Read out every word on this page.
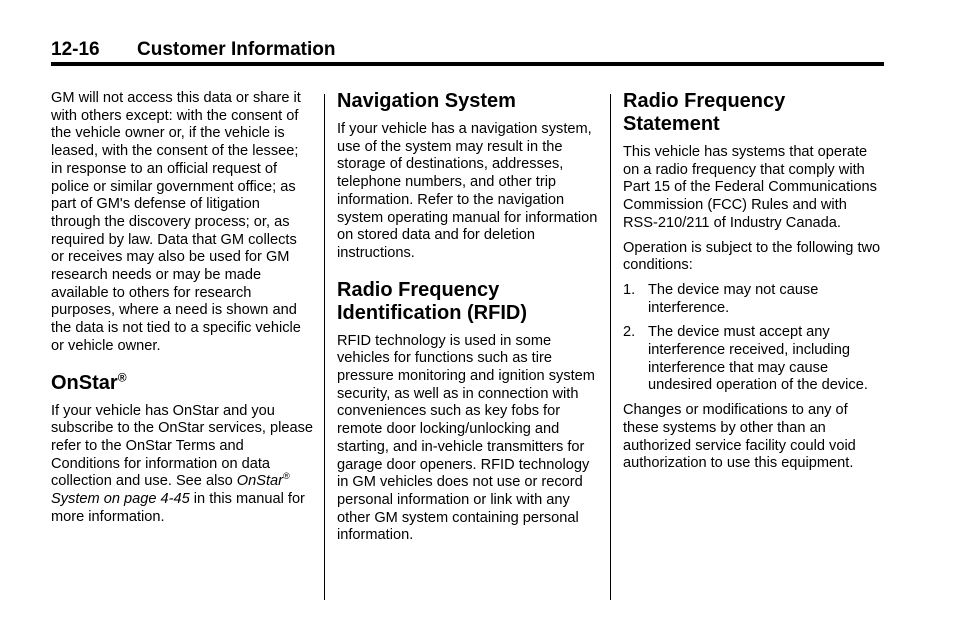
12-16 Customer Information

GM will not access this data or share it with others except: with the consent of the vehicle owner or, if the vehicle is leased, with the consent of the lessee; in response to an official request of police or similar government office; as part of GM's defense of litigation through the discovery process; or, as required by law. Data that GM collects or receives may also be used for GM research needs or may be made available to others for research purposes, where a need is shown and the data is not tied to a specific vehicle or vehicle owner.

OnStar®

If your vehicle has OnStar and you subscribe to the OnStar services, please refer to the OnStar Terms and Conditions for information on data collection and use. See also OnStar® System on page 4‑45 in this manual for more information.

Navigation System

If your vehicle has a navigation system, use of the system may result in the storage of destinations, addresses, telephone numbers, and other trip information. Refer to the navigation system operating manual for information on stored data and for deletion instructions.

Radio Frequency Identification (RFID)

RFID technology is used in some vehicles for functions such as tire pressure monitoring and ignition system security, as well as in connection with conveniences such as key fobs for remote door locking/unlocking and starting, and in-vehicle transmitters for garage door openers. RFID technology in GM vehicles does not use or record personal information or link with any other GM system containing personal information.

Radio Frequency Statement

This vehicle has systems that operate on a radio frequency that comply with Part 15 of the Federal Communications Commission (FCC) Rules and with RSS-210/211 of Industry Canada.

Operation is subject to the following two conditions:

1. The device may not cause interference.
2. The device must accept any interference received, including interference that may cause undesired operation of the device.

Changes or modifications to any of these systems by other than an authorized service facility could void authorization to use this equipment.
